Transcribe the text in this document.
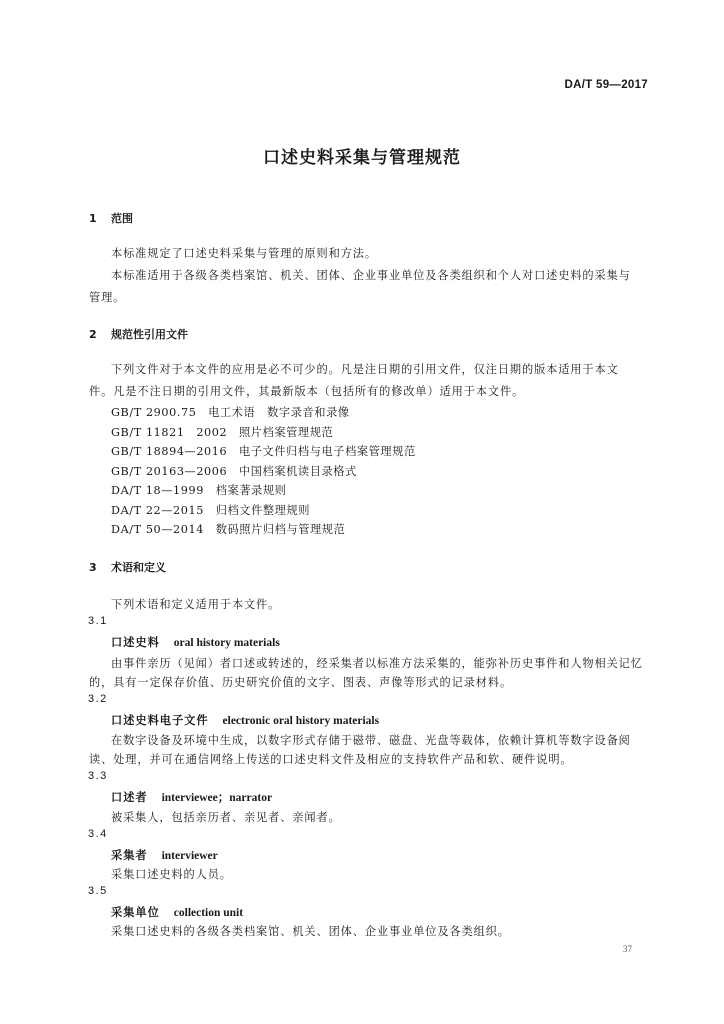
DA/T 59—2017
口述史料采集与管理规范
1 范围
本标准规定了口述史料采集与管理的原则和方法。
本标准适用于各级各类档案馆、机关、团体、企业事业单位及各类组织和个人对口述史料的采集与
管理。
2 规范性引用文件
下列文件对于本文件的应用是必不可少的。凡是注日期的引用文件，仅注日期的版本适用于本文
件。凡是不注日期的引用文件，其最新版本（包括所有的修改单）适用于本文件。
GB/T 2900.75　电工术语　数字录音和录像
GB/T 11821　2002　照片档案管理规范
GB/T 18894—2016　电子文件归档与电子档案管理规范
GB/T 20163—2006　中国档案机读目录格式
DA/T 18—1999　档案著录规则
DA/T 22—2015　归档文件整理规则
DA/T 50—2014　数码照片归档与管理规范
3 术语和定义
下列术语和定义适用于本文件。
3.1
口述史料 oral history materials
由事件亲历（见闻）者口述或转述的，经采集者以标准方法采集的，能弥补历史事件和人物相关记忆
的，具有一定保存价值、历史研究价值的文字、图表、声像等形式的记录材料。
3.2
口述史料电子文件 electronic oral history materials
在数字设备及环境中生成，以数字形式存储于磁带、磁盘、光盘等载体，依赖计算机等数字设备阅
读、处理，并可在通信网络上传送的口述史料文件及相应的支持软件产品和软、硬件说明。
3.3
口述者 interviewee；narrator
被采集人，包括亲历者、亲见者、亲闻者。
3.4
采集者 interviewer
采集口述史料的人员。
3.5
采集单位 collection unit
采集口述史料的各级各类档案馆、机关、团体、企业事业单位及各类组织。
37
